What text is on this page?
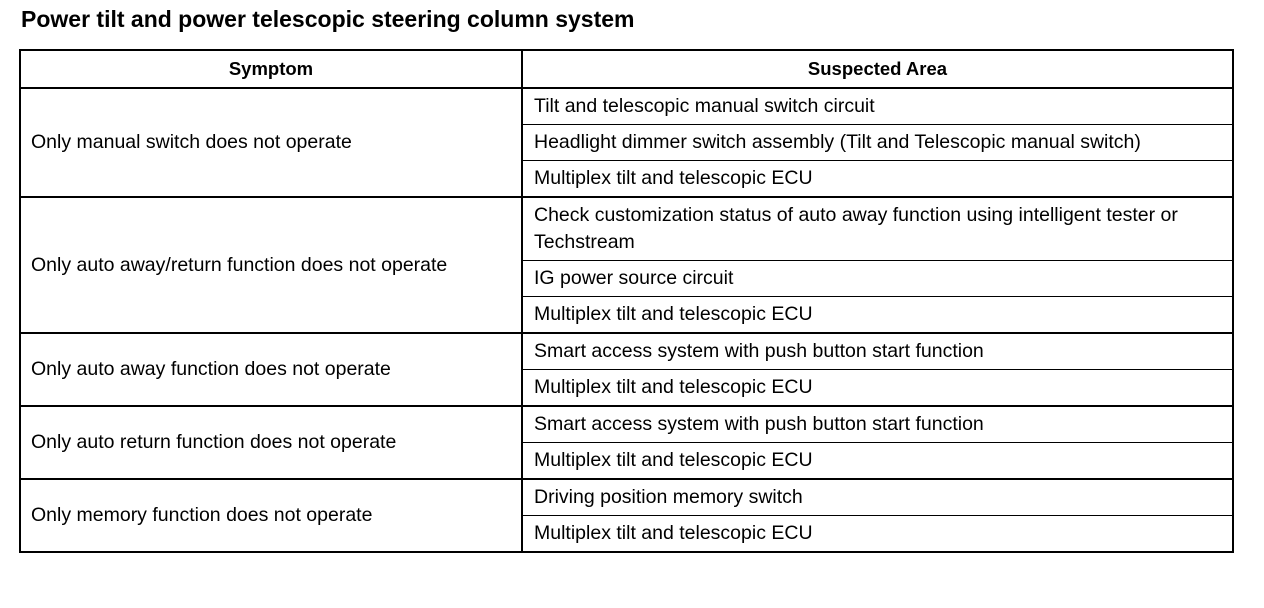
Power tilt and power telescopic steering column system
Symptom	Suspected Area
Only manual switch does not operate	Tilt and telescopic manual switch circuit
	Headlight dimmer switch assembly (Tilt and Telescopic manual switch)
	Multiplex tilt and telescopic ECU
Only auto away/return function does not operate	Check customization status of auto away function using intelligent tester or Techstream
	IG power source circuit
	Multiplex tilt and telescopic ECU
Only auto away function does not operate	Smart access system with push button start function
	Multiplex tilt and telescopic ECU
Only auto return function does not operate	Smart access system with push button start function
	Multiplex tilt and telescopic ECU
Only memory function does not operate	Driving position memory switch
	Multiplex tilt and telescopic ECU
